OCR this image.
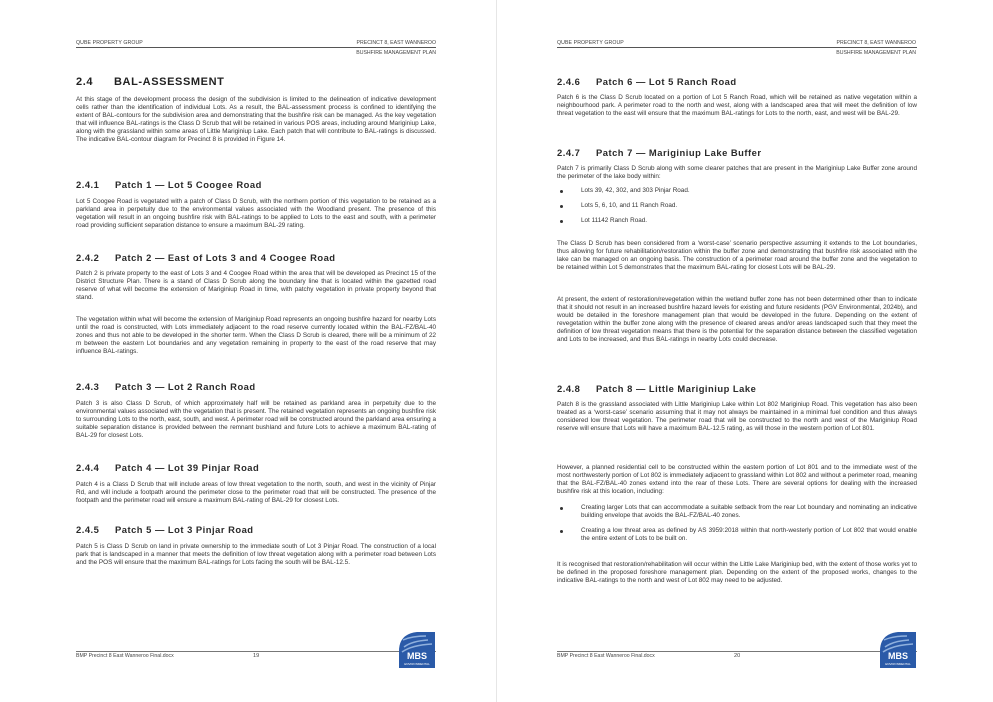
QUBE PROPERTY GROUP	PRECINCT 8, EAST WANNEROO
BUSHFIRE MANAGEMENT PLAN
2.4 BAL-ASSESSMENT

At this stage of the development process the design of the subdivision is limited to the delineation of indicative development cells rather than the identification of individual Lots. As a result, the BAL-assessment process is confined to identifying the extent of BAL-contours for the subdivision area and demonstrating that the bushfire risk can be managed. As the key vegetation that will influence BAL-ratings is the Class D Scrub that will be retained in various POS areas, including around Mariginiup Lake, along with the grassland within some areas of Little Mariginiup Lake. Each patch that will contribute to BAL-ratings is discussed. The indicative BAL-contour diagram for Precinct 8 is provided in Figure 14.

2.4.1 Patch 1 — Lot 5 Coogee Road

Lot 5 Coogee Road is vegetated with a patch of Class D Scrub, with the northern portion of this vegetation to be retained as a parkland area in perpetuity due to the environmental values associated with the Woodland present. The presence of this vegetation will result in an ongoing bushfire risk with BAL-ratings to be applied to Lots to the east and south, with a perimeter road providing sufficient separation distance to ensure a maximum BAL-29 rating.

2.4.2 Patch 2 — East of Lots 3 and 4 Coogee Road

Patch 2 is private property to the east of Lots 3 and 4 Coogee Road within the area that will be developed as Precinct 15 of the District Structure Plan. There is a stand of Class D Scrub along the boundary line that is located within the gazetted road reserve of what will become the extension of Mariginiup Road in time, with patchy vegetation in private property beyond that stand.

The vegetation within what will become the extension of Mariginiup Road represents an ongoing bushfire hazard for nearby Lots until the road is constructed, with Lots immediately adjacent to the road reserve currently located within the BAL-FZ/BAL-40 zones and thus not able to be developed in the shorter term. When the Class D Scrub is cleared, there will be a minimum of 22 m between the eastern Lot boundaries and any vegetation remaining in property to the east of the road reserve that may influence BAL-ratings.

2.4.3 Patch 3 — Lot 2 Ranch Road

Patch 3 is also Class D Scrub, of which approximately half will be retained as parkland area in perpetuity due to the environmental values associated with the vegetation that is present. The retained vegetation represents an ongoing bushfire risk to surrounding Lots to the north, east, south, and west. A perimeter road will be constructed around the parkland area ensuring a suitable separation distance is provided between the remnant bushland and future Lots to achieve a maximum BAL-rating of BAL-29 for closest Lots.

2.4.4 Patch 4 — Lot 39 Pinjar Road

Patch 4 is a Class D Scrub that will include areas of low threat vegetation to the north, south, and west in the vicinity of Pinjar Rd, and will include a footpath around the perimeter close to the perimeter road that will be constructed. The presence of the footpath and the perimeter road will ensure a maximum BAL-rating of BAL-29 for closest Lots.

2.4.5 Patch 5 — Lot 3 Pinjar Road

Patch 5 is Class D Scrub on land in private ownership to the immediate south of Lot 3 Pinjar Road. The construction of a local park that is landscaped in a manner that meets the definition of low threat vegetation along with a perimeter road between Lots and the POS will ensure that the maximum BAL-ratings for Lots facing the south will be BAL-12.5.

BMP Precinct 8 East Wanneroo Final.docx	19	MBS
ENVIRONMENTAL
QUBE PROPERTY GROUP	PRECINCT 8, EAST WANNEROO
BUSHFIRE MANAGEMENT PLAN
2.4.6 Patch 6 — Lot 5 Ranch Road

Patch 6 is the Class D Scrub located on a portion of Lot 5 Ranch Road, which will be retained as native vegetation within a neighbourhood park. A perimeter road to the north and west, along with a landscaped area that will meet the definition of low threat vegetation to the east will ensure that the maximum BAL-ratings for Lots to the north, east, and west will be BAL-29.

2.4.7 Patch 7 — Mariginiup Lake Buffer

Patch 7 is primarily Class D Scrub along with some clearer patches that are present in the Mariginiup Lake Buffer zone around the perimeter of the lake body within:

Lots 39, 42, 302, and 303 Pinjar Road.
Lots 5, 6, 10, and 11 Ranch Road.
Lot 11142 Ranch Road.

The Class D Scrub has been considered from a ‘worst-case’ scenario perspective assuming it extends to the Lot boundaries, thus allowing for future rehabilitation/restoration within the buffer zone and demonstrating that bushfire risk associated with the lake can be managed on an ongoing basis. The construction of a perimeter road around the buffer zone and the vegetation to be retained within Lot 5 demonstrates that the maximum BAL-rating for closest Lots will be BAL-29.

At present, the extent of restoration/revegetation within the wetland buffer zone has not been determined other than to indicate that it should not result in an increased bushfire hazard levels for existing and future residents (PGV Environmental, 2024b), and would be detailed in the foreshore management plan that would be developed in the future. Depending on the extent of revegetation within the buffer zone along with the presence of cleared areas and/or areas landscaped such that they meet the definition of low threat vegetation means that there is the potential for the separation distance between the classified vegetation and Lots to be increased, and thus BAL-ratings in nearby Lots could decrease.

2.4.8 Patch 8 — Little Mariginiup Lake

Patch 8 is the grassland associated with Little Mariginiup Lake within Lot 802 Mariginiup Road. This vegetation has also been treated as a ‘worst-case’ scenario assuming that it may not always be maintained in a minimal fuel condition and thus always considered low threat vegetation. The perimeter road that will be constructed to the north and west of the Mariginiup Road reserve will ensure that Lots will have a maximum BAL-12.5 rating, as will those in the western portion of Lot 801.

However, a planned residential cell to be constructed within the eastern portion of Lot 801 and to the immediate west of the most northwesterly portion of Lot 802 is immediately adjacent to grassland within Lot 802 and without a perimeter road, meaning that the BAL-FZ/BAL-40 zones extend into the rear of these Lots. There are several options for dealing with the increased bushfire risk at this location, including:

Creating larger Lots that can accommodate a suitable setback from the rear Lot boundary and nominating an indicative building envelope that avoids the BAL-FZ/BAL-40 zones.
Creating a low threat area as defined by AS 3959:2018 within that north-westerly portion of Lot 802 that would enable the entire extent of Lots to be built on.

It is recognised that restoration/rehabilitation will occur within the Little Lake Mariginiup bed, with the extent of those works yet to be defined in the proposed foreshore management plan. Depending on the extent of the proposed works, changes to the indicative BAL-ratings to the north and west of Lot 802 may need to be adjusted.

BMP Precinct 8 East Wanneroo Final.docx	20	MBS
ENVIRONMENTAL
